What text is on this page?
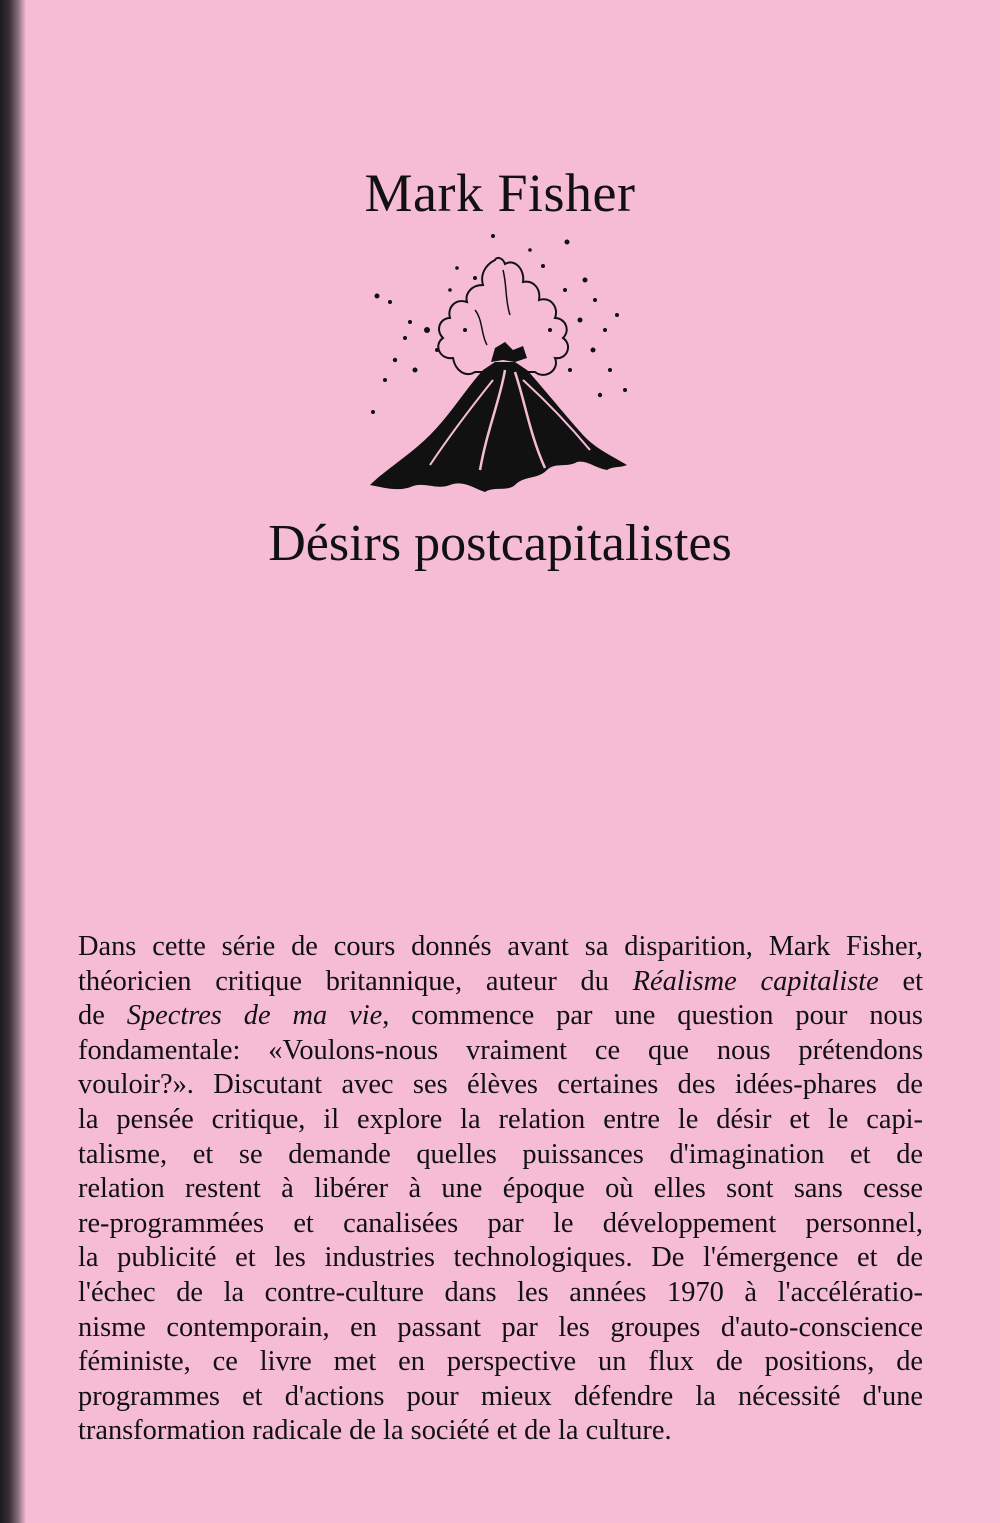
Mark Fisher
Désirs postcapitalistes
Dans cette série de cours donnés avant sa disparition, Mark Fisher,
théoricien critique britannique, auteur du Réalisme capitaliste et
de Spectres de ma vie, commence par une question pour nous
fondamentale: «Voulons-nous vraiment ce que nous prétendons
vouloir?». Discutant avec ses élèves certaines des idées-phares de
la pensée critique, il explore la relation entre le désir et le capi-
talisme, et se demande quelles puissances d'imagination et de
relation restent à libérer à une époque où elles sont sans cesse
re-programmées et canalisées par le développement personnel,
la publicité et les industries technologiques. De l'émergence et de
l'échec de la contre-culture dans les années 1970 à l'accélératio-
nisme contemporain, en passant par les groupes d'auto-conscience
féministe, ce livre met en perspective un flux de positions, de
programmes et d'actions pour mieux défendre la nécessité d'une
transformation radicale de la société et de la culture.
